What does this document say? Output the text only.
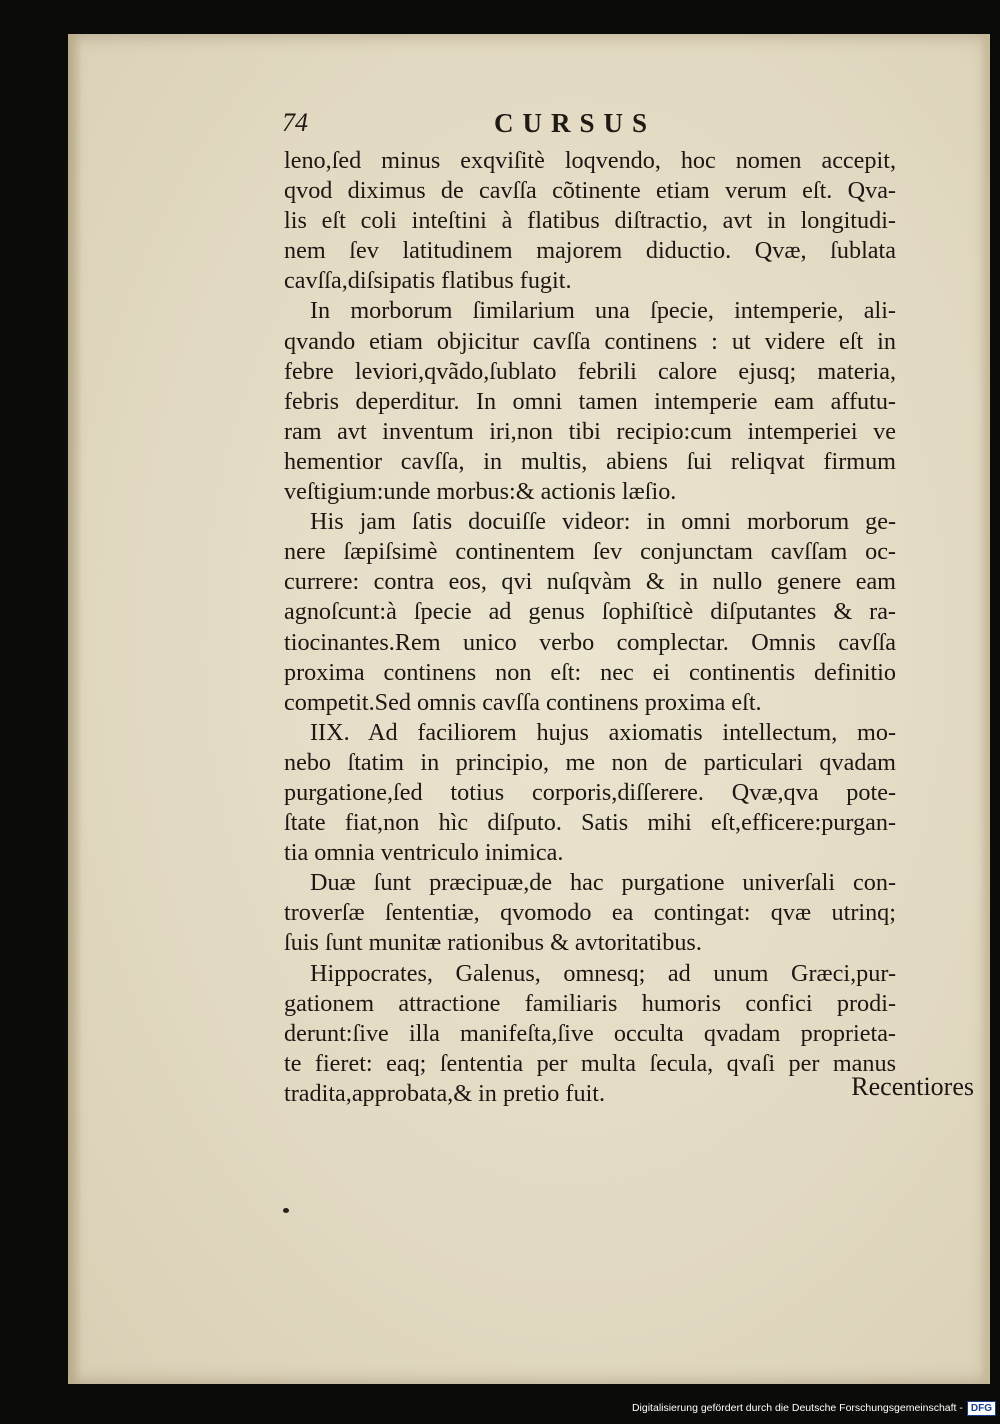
74	CURSUS
leno,ſed minus exqviſitè loqvendo, hoc nomen accepit,
qvod diximus de cavſſa cõtinente etiam verum eſt. Qva-
lis eſt coli inteſtini à flatibus diſtractio, avt in longitudi-
nem ſev latitudinem majorem diductio. Qvæ, ſublata
cavſſa,diſsipatis flatibus fugit.
In morborum ſimilarium una ſpecie, intemperie, ali-
qvando etiam objicitur cavſſa continens : ut videre eſt in
febre leviori,qvãdo,ſublato febrili calore ejusq; materia,
febris deperditur. In omni tamen intemperie eam affutu-
ram avt inventum iri,non tibi recipio:cum intemperiei ve
hementior cavſſa, in multis, abiens ſui reliqvat firmum
veſtigium:unde morbus:& actionis læſio.
His jam ſatis docuiſſe videor: in omni morborum ge-
nere ſæpiſsimè continentem ſev conjunctam cavſſam oc-
currere: contra eos, qvi nuſqvàm & in nullo genere eam
agnoſcunt:à ſpecie ad genus ſophiſticè diſputantes & ra-
tiocinantes.Rem unico verbo complectar. Omnis cavſſa
proxima continens non eſt: nec ei continentis definitio
competit.Sed omnis cavſſa continens proxima eſt.
IIX. Ad faciliorem hujus axiomatis intellectum, mo-
nebo ſtatim in principio, me non de particulari qvadam
purgatione,ſed totius corporis,diſſerere. Qvæ,qva pote-
ſtate fiat,non hìc diſputo. Satis mihi eſt,efficere:purgan-
tia omnia ventriculo inimica.
Duæ ſunt præcipuæ,de hac purgatione univerſali con-
troverſæ ſententiæ, qvomodo ea contingat: qvæ utrinq;
ſuis ſunt munitæ rationibus & avtoritatibus.
Hippocrates, Galenus, omnesq; ad unum Græci,pur-
gationem attractione familiaris humoris confici prodi-
derunt:ſive illa manifeſta,ſive occulta qvadam proprieta-
te fieret: eaq; ſententia per multa ſecula, qvaſi per manus
tradita,approbata,& in pretio fuit.	Recentiores
Digitalisierung gefördert durch die Deutsche Forschungsgemeinschaft - DFG
